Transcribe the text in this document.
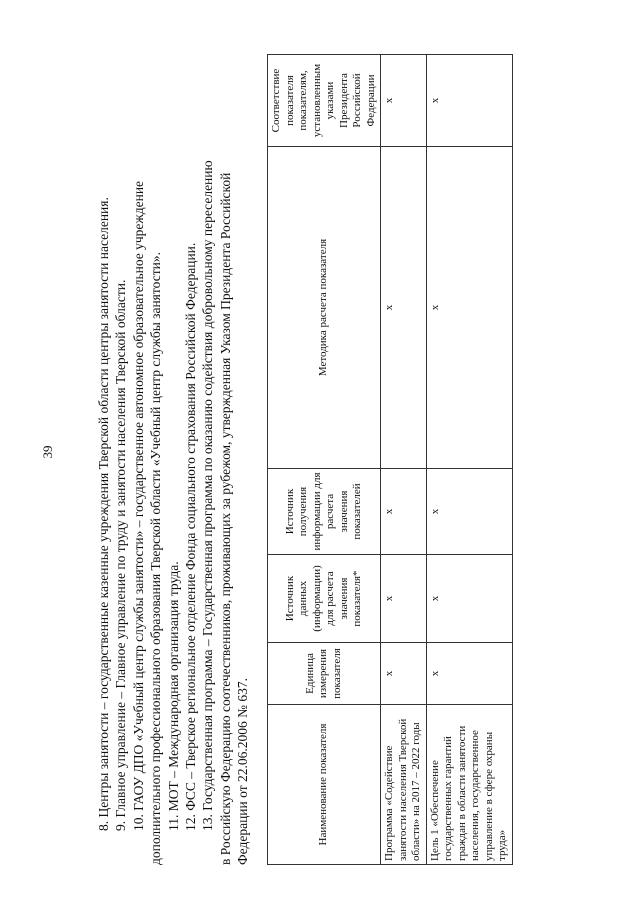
39	8. Центры занятости – государственные казенные учреждения Тверской области центры занятости населения. 9. Главное управление – Главное управление по труду и занятости населения Тверской области. 10. ГАОУ ДПО «Учебный центр службы занятости» – государственное автономное образовательное учреждение дополнительного профессионального образования Тверской области «Учебный центр службы занятости». 11. МОТ – Международная организация труда. 12. ФСС – Тверское региональное отделение Фонда социального страхования Российской Федерации. 13. Государственная программа – Государственная программа по оказанию содействия добровольному переселению в Российскую Федерацию соотечественников, проживающих за рубежом, утвержденная Указом Президента Российской Федерации от 22.06.2006 № 637.	Наименование показателя	Единица измерения показателя	Источник данных (информации) для расчета значения показателя*	Источник получения информации для расчета значения показателей	Методика расчета показателя	Соответствие показателя показателям, установленным указами Президента Российской Федерации
Программа «Содействие занятости населения Тверской области» на 2017 – 2022 годы	х	х	х	х	х
Цель 1 «Обеспечение государственных гарантий граждан в области занятости населения, государственное управление в сфере охраны труда»	х	х	х	х	х
